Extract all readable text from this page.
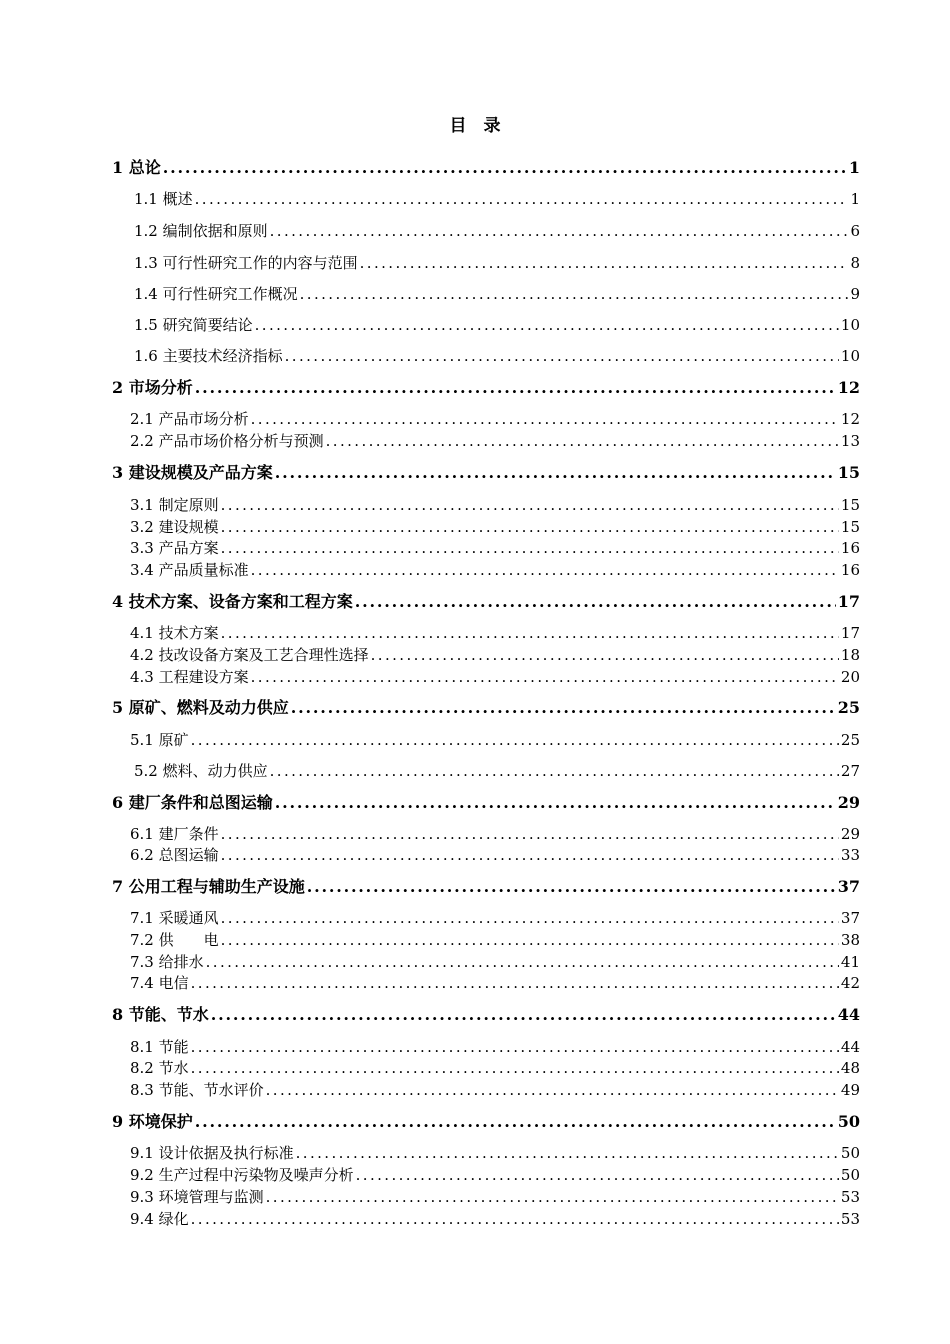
目　录
1 总论 .....	1
1.1 概述 .....	1
1.2 编制依据和原则 .....	6
1.3 可行性研究工作的内容与范围 .....	8
1.4 可行性研究工作概况 .....	9
1.5 研究简要结论 .....	10
1.6 主要技术经济指标 .....	10
2 市场分析 .....	12
2.1 产品市场分析 .....	12
2.2 产品市场价格分析与预测 .....	13
3 建设规模及产品方案 .....	15
3.1 制定原则 .....	15
3.2 建设规模 .....	15
3.3 产品方案 .....	16
3.4 产品质量标准 .....	16
4 技术方案、设备方案和工程方案 .....	17
4.1 技术方案 .....	17
4.2 技改设备方案及工艺合理性选择 .....	18
4.3 工程建设方案 .....	20
5 原矿、燃料及动力供应 .....	25
5.1 原矿 .....	25
5.2 燃料、动力供应 .....	27
6 建厂条件和总图运输 .....	29
6.1 建厂条件 .....	29
6.2 总图运输 .....	33
7 公用工程与辅助生产设施 .....	37
7.1 采暖通风 .....	37
7.2 供　　电 .....	38
7.3 给排水 .....	41
7.4 电信 .....	42
8 节能、节水 .....	44
8.1 节能 .....	44
8.2 节水 .....	48
8.3 节能、节水评价 .....	49
9 环境保护 .....	50
9.1 设计依据及执行标准 .....	50
9.2 生产过程中污染物及噪声分析 .....	50
9.3 环境管理与监测 .....	53
9.4 绿化 .....	53
